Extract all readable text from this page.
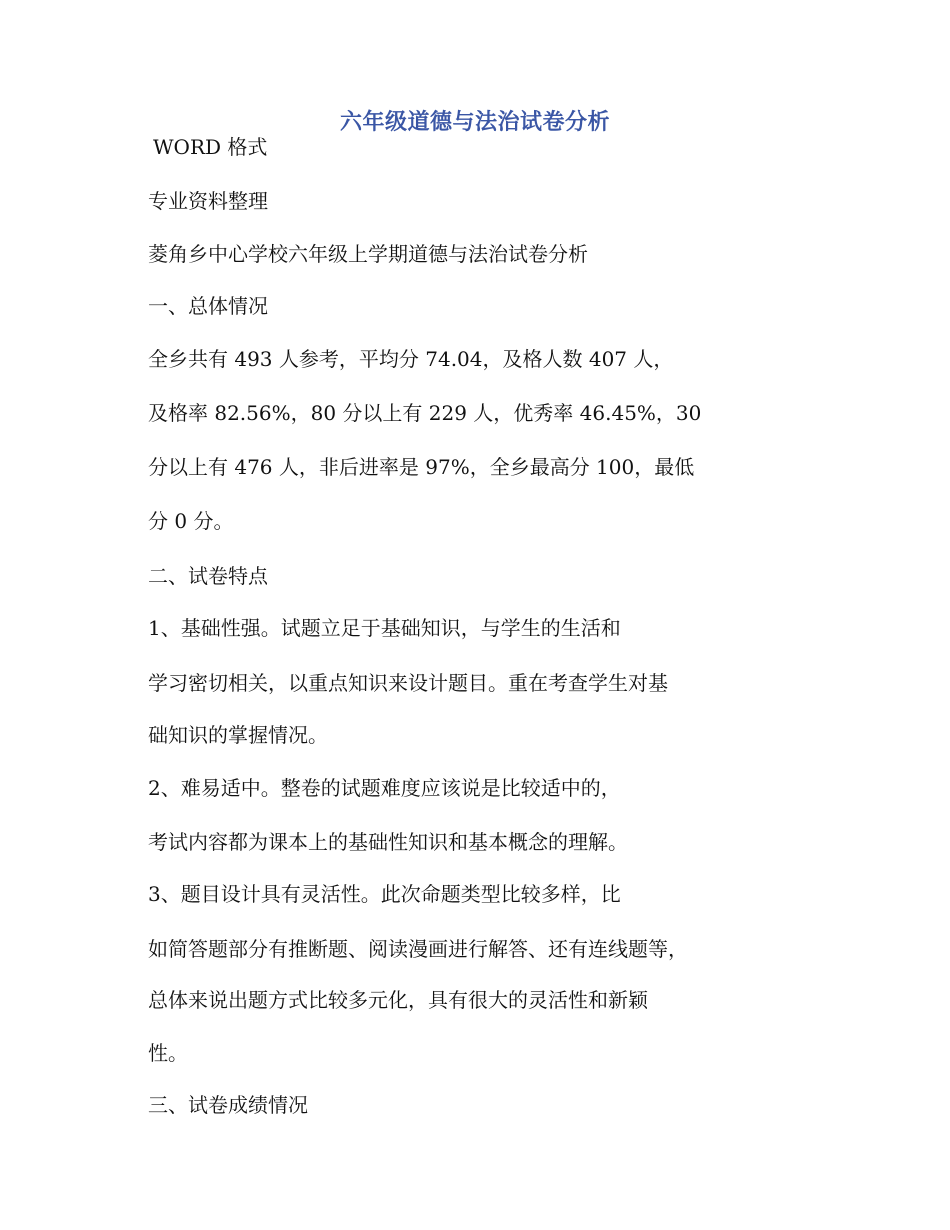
六年级道德与法治试卷分析
WORD 格式
专业资料整理
菱角乡中心学校六年级上学期道德与法治试卷分析
一、总体情况
全乡共有 493 人参考，平均分 74.04，及格人数 407 人，
及格率 82.56%，80 分以上有 229 人，优秀率 46.45%，30
分以上有 476 人，非后进率是 97%，全乡最高分 100，最低
分 0 分。
二、试卷特点
1、基础性强。试题立足于基础知识，与学生的生活和
学习密切相关，以重点知识来设计题目。重在考查学生对基
础知识的掌握情况。
2、难易适中。整卷的试题难度应该说是比较适中的，
考试内容都为课本上的基础性知识和基本概念的理解。
3、题目设计具有灵活性。此次命题类型比较多样，比
如简答题部分有推断题、阅读漫画进行解答、还有连线题等，
总体来说出题方式比较多元化，具有很大的灵活性和新颖
性。
三、试卷成绩情况
